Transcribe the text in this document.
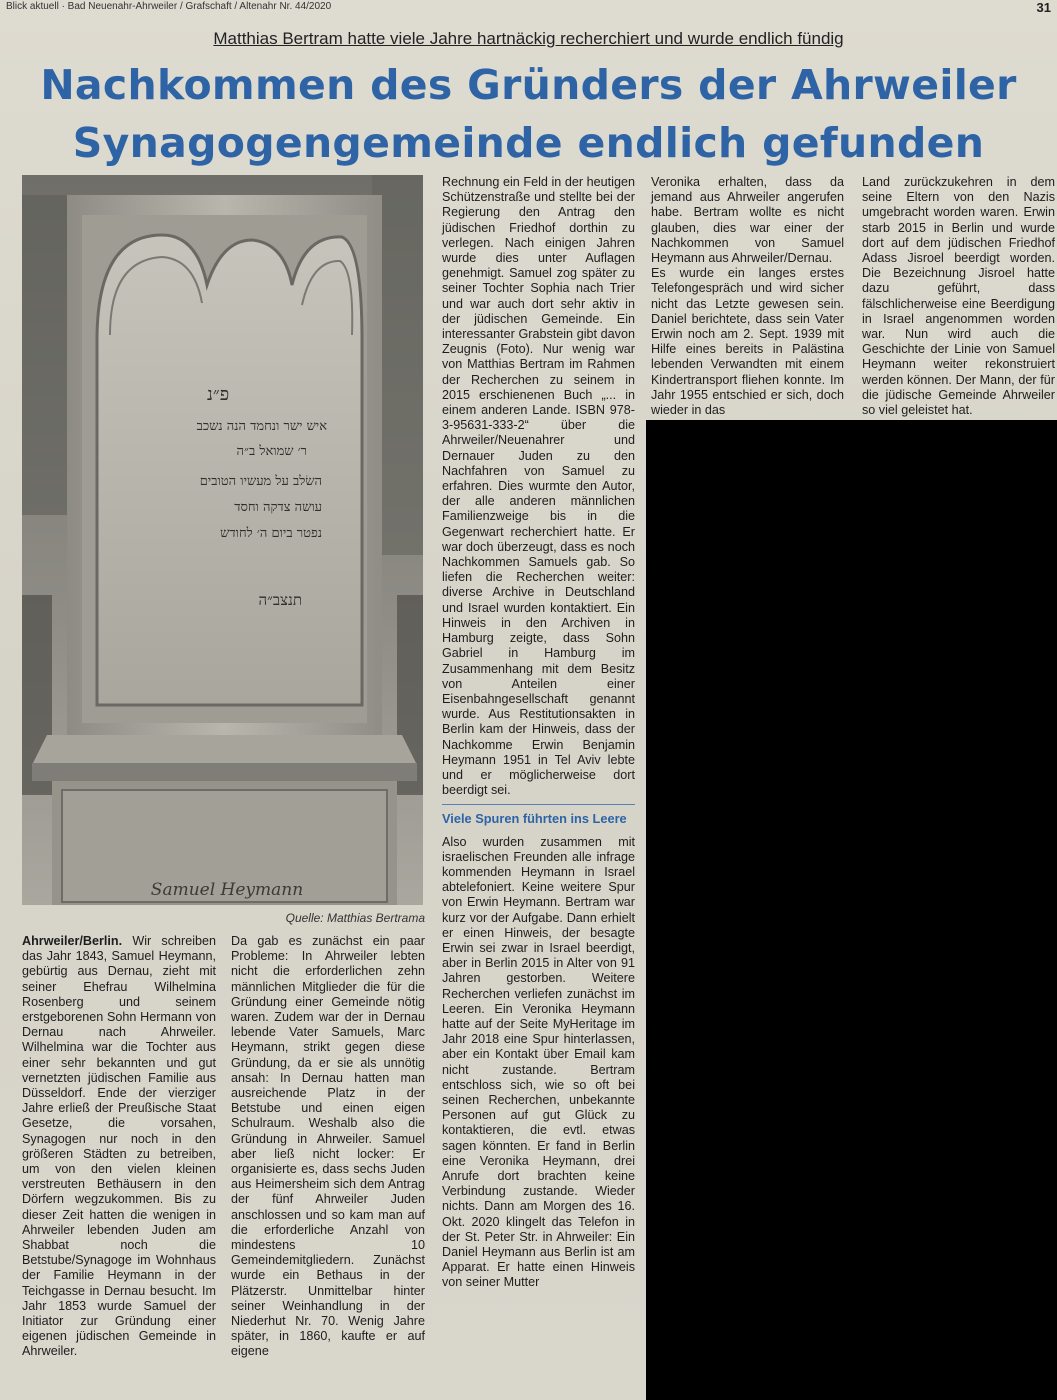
Blick aktuell · Bad Neuenahr-Ahrweiler / Grafschaft / Altenahr Nr. 44/2020	31
Matthias Bertram hatte viele Jahre hartnäckig recherchiert und wurde endlich fündig
Nachkommen des Gründers der Ahrweiler
Synagogengemeinde endlich gefunden
פ״נ
איש ישר ונחמד הנה נשכב
ר׳ שמואל ב״ה
השׂלב על מעשיו הטובים
עושה צדקה וחסד
נפטר ביום ה׳ לחודש
תנצב״ה
Samuel Heymann
Quelle: Matthias Bertrama

Ahrweiler/Berlin. Wir schreiben das Jahr 1843, Samuel Heymann, gebürtig aus Dernau, zieht mit seiner Ehefrau Wilhelmina Rosenberg und seinem erstgeborenen Sohn Hermann von Dernau nach Ahrweiler. Wilhelmina war die Tochter aus einer sehr bekannten und gut vernetzten jüdischen Familie aus Düsseldorf. Ende der vierziger Jahre erließ der Preußische Staat Gesetze, die vorsahen, Synagogen nur noch in den größeren Städten zu betreiben, um von den vielen kleinen verstreuten Bethäusern in den Dörfern wegzukommen. Bis zu dieser Zeit hatten die wenigen in Ahrweiler lebenden Juden am Shabbat noch die Betstube/Synagoge im Wohnhaus der Familie Heymann in der Teichgasse in Dernau besucht. Im Jahr 1853 wurde Samuel der Initiator zur Gründung einer eigenen jüdischen Gemeinde in Ahrweiler.

Da gab es zunächst ein paar Probleme: In Ahrweiler lebten nicht die erforderlichen zehn männlichen Mitglieder die für die Gründung einer Gemeinde nötig waren. Zudem war der in Dernau lebende Vater Samuels, Marc Heymann, strikt gegen diese Gründung, da er sie als unnötig ansah: In Dernau hatten man ausreichende Platz in der Betstube und einen eigen Schulraum. Weshalb also die Gründung in Ahrweiler. Samuel aber ließ nicht locker: Er organisierte es, dass sechs Juden aus Heimersheim sich dem Antrag der fünf Ahrweiler Juden anschlossen und so kam man auf die erforderliche Anzahl von mindestens 10 Gemeindemitgliedern. Zunächst wurde ein Bethaus in der Plätzerstr. Unmittelbar hinter seiner Weinhandlung in der Niederhut Nr. 70. Wenig Jahre später, in 1860, kaufte er auf eigene

Rechnung ein Feld in der heutigen Schützenstraße und stellte bei der Regierung den Antrag den jüdischen Friedhof dorthin zu verlegen. Nach einigen Jahren wurde dies unter Auflagen genehmigt. Samuel zog später zu seiner Tochter Sophia nach Trier und war auch dort sehr aktiv in der jüdischen Gemeinde. Ein interessanter Grabstein gibt davon Zeugnis (Foto). Nur wenig war von Matthias Bertram im Rahmen der Recherchen zu seinem in 2015 erschienenen Buch „... in einem anderen Lande. ISBN 978-3-95631-333-2“ über die Ahrweiler/Neuenahrer und Dernauer Juden zu den Nachfahren von Samuel zu erfahren. Dies wurmte den Autor, der alle anderen männlichen Familienzweige bis in die Gegenwart recherchiert hatte. Er war doch überzeugt, dass es noch Nachkommen Samuels gab. So liefen die Recherchen weiter: diverse Archive in Deutschland und Israel wurden kontaktiert. Ein Hinweis in den Archiven in Hamburg zeigte, dass Sohn Gabriel in Hamburg im Zusammenhang mit dem Besitz von Anteilen einer Eisenbahngesellschaft genannt wurde. Aus Restitutionsakten in Berlin kam der Hinweis, dass der Nachkomme Erwin Benjamin Heymann 1951 in Tel Aviv lebte und er möglicherweise dort beerdigt sei.

Viele Spuren führten ins Leere

Also wurden zusammen mit israelischen Freunden alle infrage kommenden Heymann in Israel abtelefoniert. Keine weitere Spur von Erwin Heymann. Bertram war kurz vor der Aufgabe. Dann erhielt er einen Hinweis, der besagte Erwin sei zwar in Israel beerdigt, aber in Berlin 2015 in Alter von 91 Jahren gestorben. Weitere Recherchen verliefen zunächst im Leeren. Ein Veronika Heymann hatte auf der Seite MyHeritage im Jahr 2018 eine Spur hinterlassen, aber ein Kontakt über Email kam nicht zustande. Bertram entschloss sich, wie so oft bei seinen Recherchen, unbekannte Personen auf gut Glück zu kontaktieren, die evtl. etwas sagen könnten. Er fand in Berlin eine Veronika Heymann, drei Anrufe dort brachten keine Verbindung zustande. Wieder nichts. Dann am Morgen des 16. Okt. 2020 klingelt das Telefon in der St. Peter Str. in Ahrweiler: Ein Daniel Heymann aus Berlin ist am Apparat. Er hatte einen Hinweis von seiner Mutter

Veronika erhalten, dass da jemand aus Ahrweiler angerufen habe. Bertram wollte es nicht glauben, dies war einer der Nachkommen von Samuel Heymann aus Ahrweiler/Dernau.

Es wurde ein langes erstes Telefongespräch und wird sicher nicht das Letzte gewesen sein. Daniel berichtete, dass sein Vater Erwin noch am 2. Sept. 1939 mit Hilfe eines bereits in Palästina lebenden Verwandten mit einem Kindertransport fliehen konnte. Im Jahr 1955 entschied er sich, doch wieder in das

Land zurückzukehren in dem seine Eltern von den Nazis umgebracht worden waren. Erwin starb 2015 in Berlin und wurde dort auf dem jüdischen Friedhof Adass Jisroel beerdigt worden. Die Bezeichnung Jisroel hatte dazu geführt, dass fälschlicherweise eine Beerdigung in Israel angenommen worden war. Nun wird auch die Geschichte der Linie von Samuel Heymann weiter rekonstruiert werden können. Der Mann, der für die jüdische Gemeinde Ahrweiler so viel geleistet hat.
